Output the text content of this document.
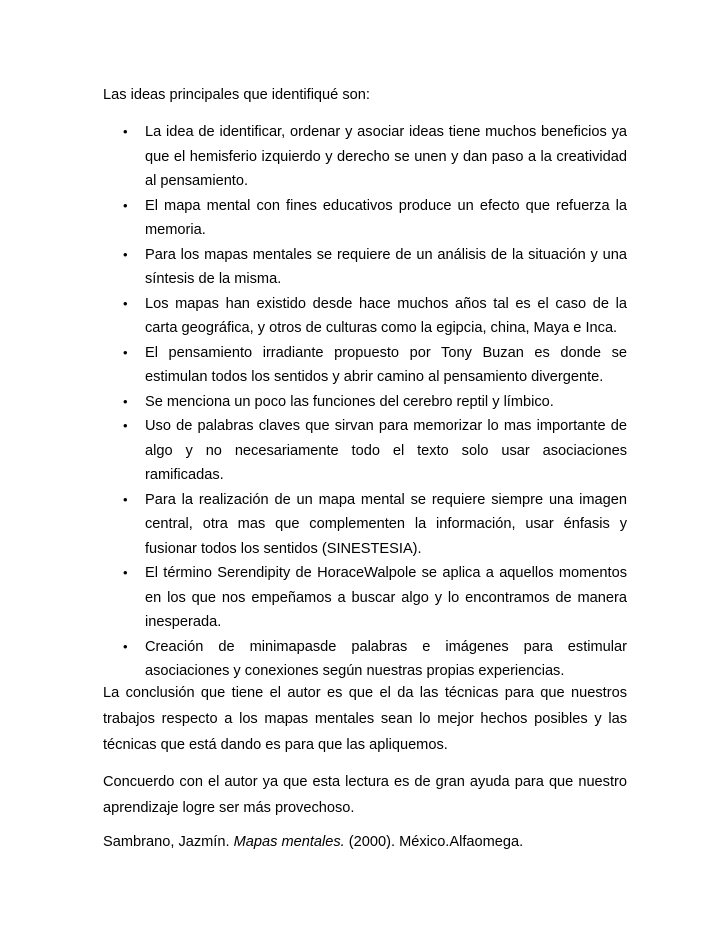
Las ideas principales que identifiqué son:

• La idea de identificar, ordenar y asociar ideas tiene muchos beneficios ya que el hemisferio izquierdo y derecho se unen y dan paso a la creatividad al pensamiento.
• El mapa mental con fines educativos produce un efecto que refuerza la memoria.
• Para los mapas mentales se requiere de un análisis de la situación y una síntesis de la misma.
• Los mapas han existido desde hace muchos años tal es el caso de la carta geográfica, y otros de culturas como la egipcia, china, Maya e Inca.
• El pensamiento irradiante propuesto por Tony Buzan es donde se estimulan todos los sentidos y abrir camino al pensamiento divergente.
• Se menciona un poco las funciones del cerebro reptil y límbico.
• Uso de palabras claves que sirvan para memorizar lo mas importante de algo y no necesariamente todo el texto solo usar asociaciones ramificadas.
• Para la realización de un mapa mental se requiere siempre una imagen central, otra mas que complementen la información, usar énfasis y fusionar todos los sentidos (SINESTESIA).
• El término Serendipity de HoraceWalpole se aplica a aquellos momentos en los que nos empeñamos a buscar algo y lo encontramos de manera inesperada.
• Creación de minimapasde palabras e imágenes para estimular asociaciones y conexiones según nuestras propias experiencias.

La conclusión que tiene el autor es que el da las técnicas para que nuestros trabajos respecto a los mapas mentales sean lo mejor hechos posibles y las técnicas que está dando es para que las apliquemos.

Concuerdo con el autor ya que esta lectura es de gran ayuda para que nuestro aprendizaje logre ser más provechoso.

Sambrano, Jazmín. Mapas mentales. (2000). México.Alfaomega.
